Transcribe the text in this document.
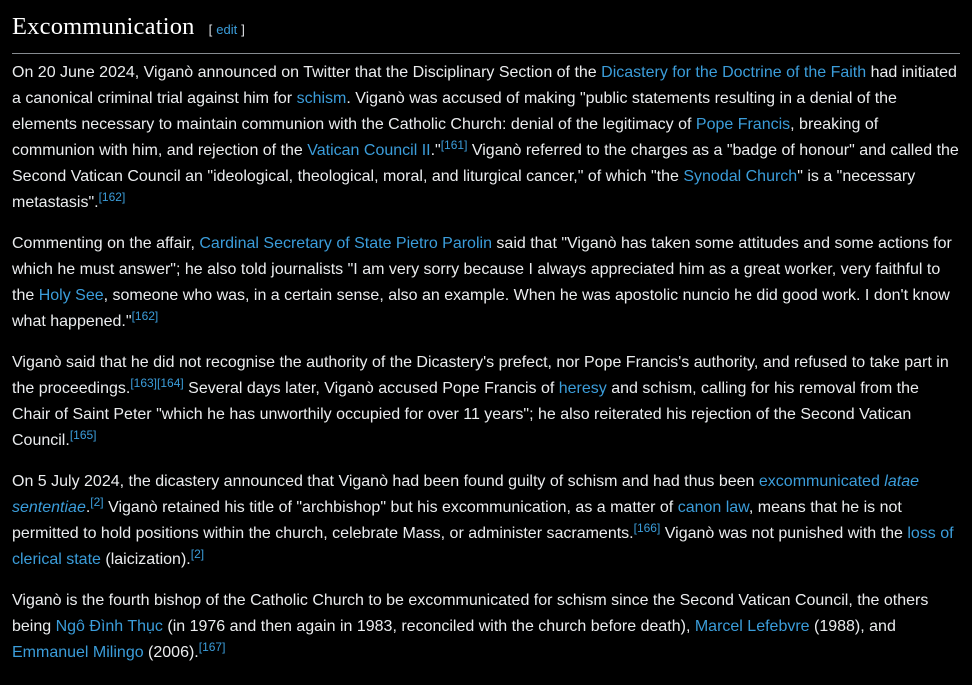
Excommunication [ edit ]

On 20 June 2024, Viganò announced on Twitter that the Disciplinary Section of the Dicastery for the Doctrine of the Faith had initiated a canonical criminal trial against him for schism. Viganò was accused of making "public statements resulting in a denial of the elements necessary to maintain communion with the Catholic Church: denial of the legitimacy of Pope Francis, breaking of communion with him, and rejection of the Vatican Council II."[161] Viganò referred to the charges as a "badge of honour" and called the Second Vatican Council an "ideological, theological, moral, and liturgical cancer," of which "the Synodal Church" is a "necessary metastasis".[162]

Commenting on the affair, Cardinal Secretary of State Pietro Parolin said that "Viganò has taken some attitudes and some actions for which he must answer"; he also told journalists "I am very sorry because I always appreciated him as a great worker, very faithful to the Holy See, someone who was, in a certain sense, also an example. When he was apostolic nuncio he did good work. I don't know what happened."[162]

Viganò said that he did not recognise the authority of the Dicastery's prefect, nor Pope Francis's authority, and refused to take part in the proceedings.[163][164] Several days later, Viganò accused Pope Francis of heresy and schism, calling for his removal from the Chair of Saint Peter "which he has unworthily occupied for over 11 years"; he also reiterated his rejection of the Second Vatican Council.[165]

On 5 July 2024, the dicastery announced that Viganò had been found guilty of schism and had thus been excommunicated latae sententiae.[2] Viganò retained his title of "archbishop" but his excommunication, as a matter of canon law, means that he is not permitted to hold positions within the church, celebrate Mass, or administer sacraments.[166] Viganò was not punished with the loss of clerical state (laicization).[2]

Viganò is the fourth bishop of the Catholic Church to be excommunicated for schism since the Second Vatican Council, the others being Ngô Đình Thục (in 1976 and then again in 1983, reconciled with the church before death), Marcel Lefebvre (1988), and Emmanuel Milingo (2006).[167]
